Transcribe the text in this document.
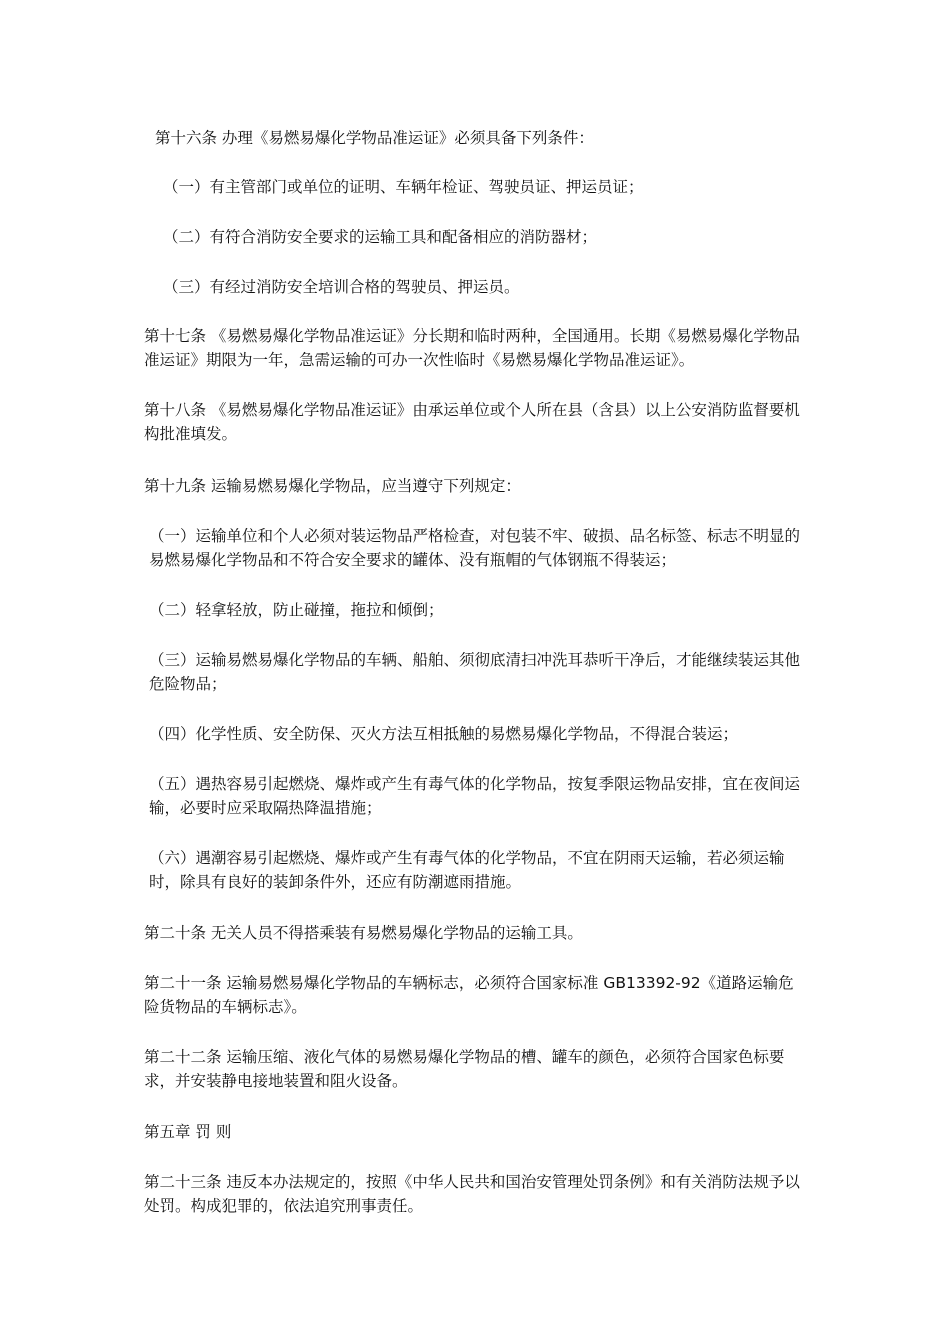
第十六条 办理《易燃易爆化学物品准运证》必须具备下列条件：

（一）有主管部门或单位的证明、车辆年检证、驾驶员证、押运员证；

（二）有符合消防安全要求的运输工具和配备相应的消防器材；

（三）有经过消防安全培训合格的驾驶员、押运员。

第十七条 《易燃易爆化学物品准运证》分长期和临时两种，全国通用。长期《易燃易爆化学物品准运证》期限为一年，急需运输的可办一次性临时《易燃易爆化学物品准运证》。

第十八条 《易燃易爆化学物品准运证》由承运单位或个人所在县（含县）以上公安消防监督要机构批准填发。

第十九条 运输易燃易爆化学物品，应当遵守下列规定：

（一）运输单位和个人必须对装运物品严格检查，对包装不牢、破损、品名标签、标志不明显的易燃易爆化学物品和不符合安全要求的罐体、没有瓶帽的气体钢瓶不得装运；

（二）轻拿轻放，防止碰撞，拖拉和倾倒；

（三）运输易燃易爆化学物品的车辆、船舶、须彻底清扫冲洗耳恭听干净后，才能继续装运其他危险物品；

（四）化学性质、安全防保、灭火方法互相抵触的易燃易爆化学物品，不得混合装运；

（五）遇热容易引起燃烧、爆炸或产生有毒气体的化学物品，按复季限运物品安排，宜在夜间运输，必要时应采取隔热降温措施；

（六）遇潮容易引起燃烧、爆炸或产生有毒气体的化学物品，不宜在阴雨天运输，若必须运输时，除具有良好的装卸条件外，还应有防潮遮雨措施。

第二十条 无关人员不得搭乘装有易燃易爆化学物品的运输工具。

第二十一条 运输易燃易爆化学物品的车辆标志，必须符合国家标准 GB13392-92《道路运输危险货物品的车辆标志》。

第二十二条 运输压缩、液化气体的易燃易爆化学物品的槽、罐车的颜色，必须符合国家色标要求，并安装静电接地装置和阻火设备。

第五章 罚 则

第二十三条 违反本办法规定的，按照《中华人民共和国治安管理处罚条例》和有关消防法规予以处罚。构成犯罪的，依法追究刑事责任。
